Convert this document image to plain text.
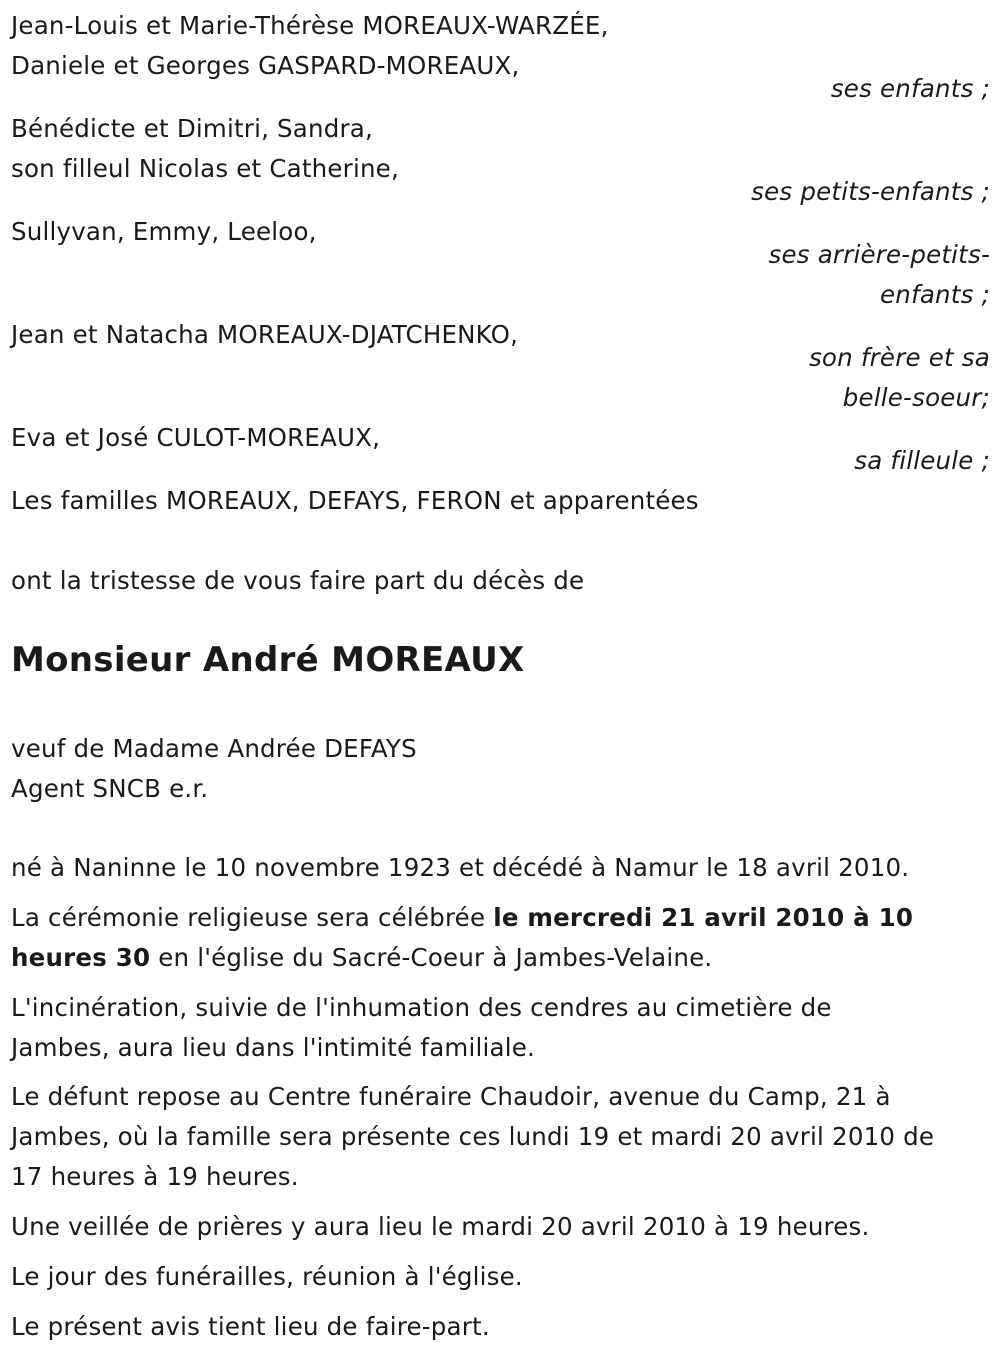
Jean-Louis et Marie-Thérèse MOREAUX-WARZÉE,
Daniele et Georges GASPARD-MOREAUX,
ses enfants ;
Bénédicte et Dimitri, Sandra,
son filleul Nicolas et Catherine,
ses petits-enfants ;
Sullyvan, Emmy, Leeloo,
ses arrière-petits-
enfants ;
Jean et Natacha MOREAUX-DJATCHENKO,
son frère et sa
belle-soeur;
Eva et José CULOT-MOREAUX,
sa filleule ;
Les familles MOREAUX, DEFAYS, FERON et apparentées
ont la tristesse de vous faire part du décès de
Monsieur André MOREAUX
veuf de Madame Andrée DEFAYS
Agent SNCB e.r.
né à Naninne le 10 novembre 1923 et décédé à Namur le 18 avril 2010.
La cérémonie religieuse sera célébrée le mercredi 21 avril 2010 à 10
heures 30 en l'église du Sacré-Coeur à Jambes-Velaine.
L'incinération, suivie de l'inhumation des cendres au cimetière de
Jambes, aura lieu dans l'intimité familiale.
Le défunt repose au Centre funéraire Chaudoir, avenue du Camp, 21 à
Jambes, où la famille sera présente ces lundi 19 et mardi 20 avril 2010 de
17 heures à 19 heures.
Une veillée de prières y aura lieu le mardi 20 avril 2010 à 19 heures.
Le jour des funérailles, réunion à l'église.
Le présent avis tient lieu de faire-part.
